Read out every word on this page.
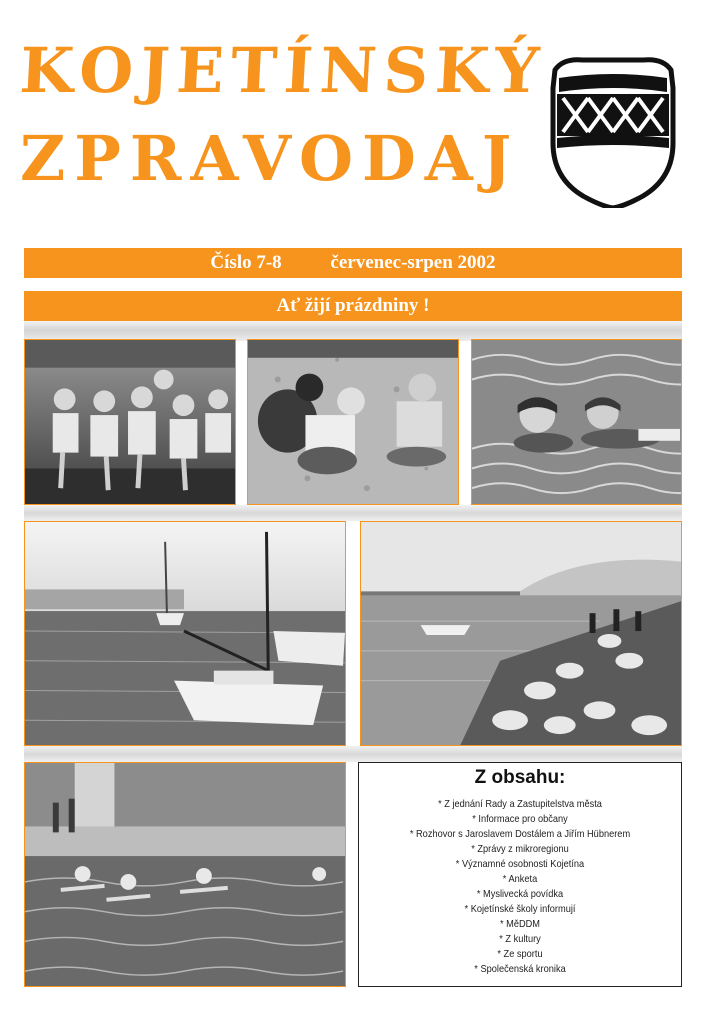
KOJETÍNSKÝ
ZPRAVODAJ
Číslo 7-8	červenec-srpen 2002
Ať žijí prázdniny !
Z obsahu:
* Z jednání Rady a Zastupitelstva města
* Informace pro občany
* Rozhovor s Jaroslavem Dostálem a Jiřím Hübnerem
* Zprávy z mikroregionu
* Významné osobnosti Kojetína
* Anketa
* Myslivecká povídka
* Kojetínské školy informují
* MěDDM
* Z kultury
* Ze sportu
* Společenská kronika
